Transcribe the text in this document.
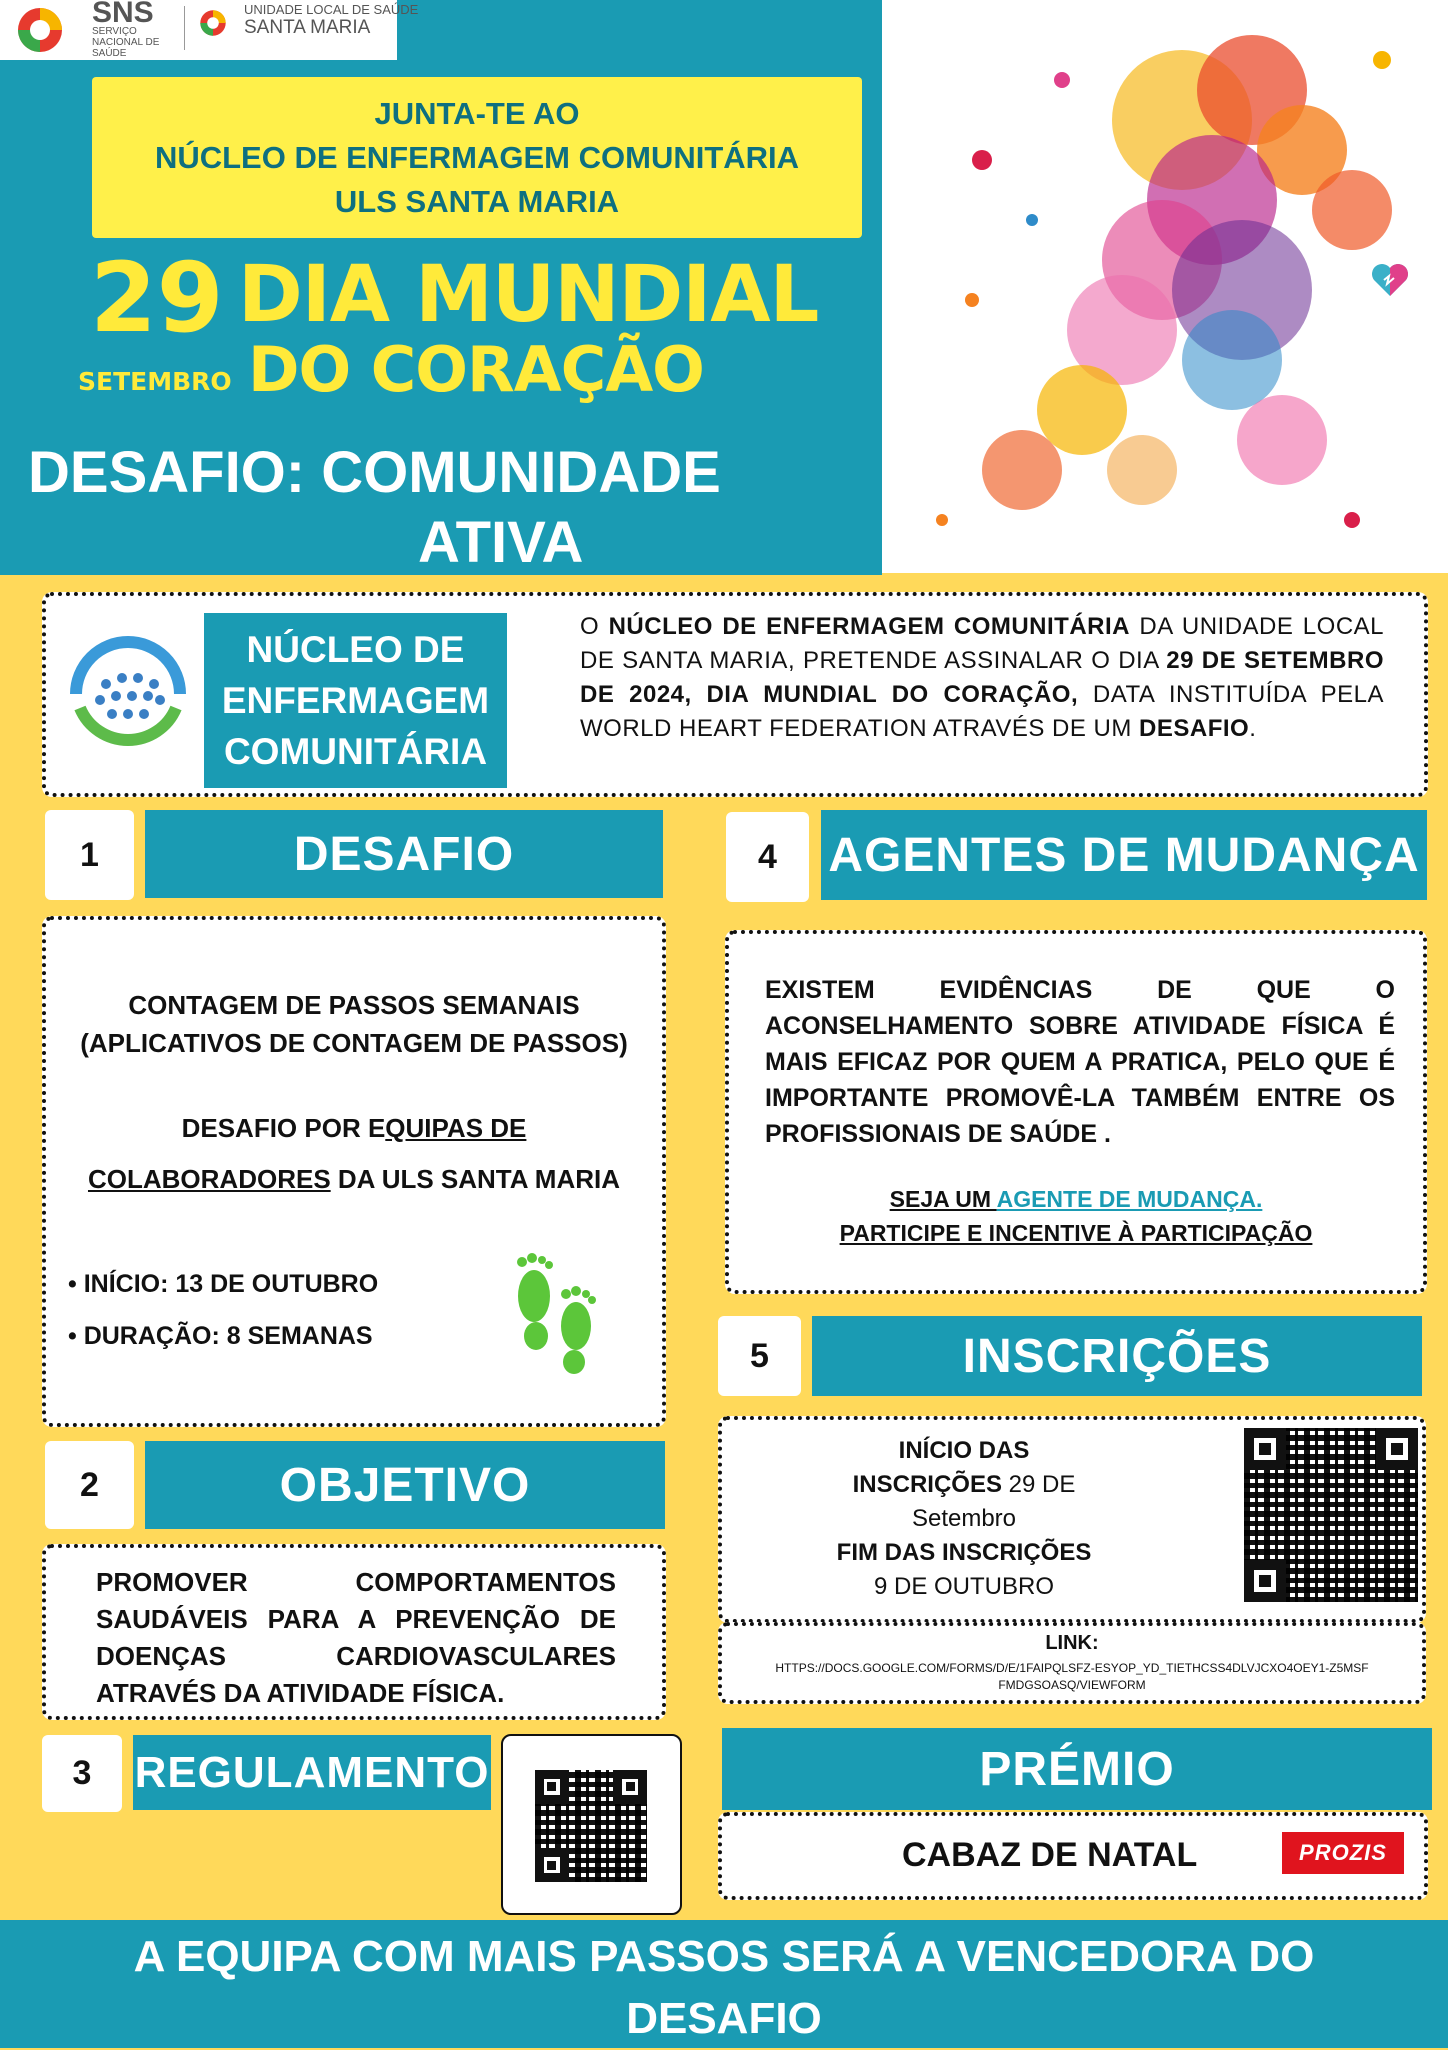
SNS
SERVIÇO NACIONAL DE SAÚDE
UNIDADE LOCAL DE SAÚDE
SANTA MARIA
JUNTA-TE AO
NÚCLEO DE ENFERMAGEM COMUNITÁRIA
ULS SANTA MARIA
29
SETEMBRO
DIA MUNDIAL
DO CORAÇÃO
DESAFIO: COMUNIDADE
ATIVA
NÚCLEO DE ENFERMAGEM COMUNITÁRIA
O NÚCLEO DE ENFERMAGEM COMUNITÁRIA DA UNIDADE LOCAL DE SANTA MARIA, PRETENDE ASSINALAR O DIA 29 DE SETEMBRO DE 2024, DIA MUNDIAL DO CORAÇÃO, DATA INSTITUÍDA PELA WORLD HEART FEDERATION ATRAVÉS DE UM DESAFIO.
1	DESAFIO
CONTAGEM DE PASSOS SEMANAIS
(APLICATIVOS DE CONTAGEM DE PASSOS)
DESAFIO POR EQUIPAS DE
COLABORADORES DA ULS SANTA MARIA
• INÍCIO: 13 DE OUTUBRO
• DURAÇÃO: 8 SEMANAS
2	OBJETIVO
PROMOVER COMPORTAMENTOS SAUDÁVEIS PARA A PREVENÇÃO DE DOENÇAS CARDIOVASCULARES ATRAVÉS DA ATIVIDADE FÍSICA.
3 REGULAMENTO
4	AGENTES DE MUDANÇA
EXISTEM EVIDÊNCIAS DE QUE O ACONSELHAMENTO SOBRE ATIVIDADE FÍSICA É MAIS EFICAZ POR QUEM A PRATICA, PELO QUE É IMPORTANTE PROMOVÊ-LA TAMBÉM ENTRE OS PROFISSIONAIS DE SAÚDE .
SEJA UM AGENTE DE MUDANÇA.
PARTICIPE E INCENTIVE À PARTICIPAÇÃO
5	INSCRIÇÕES
INÍCIO DAS
INSCRIÇÕES 29 DE
Setembro
FIM DAS INSCRIÇÕES
9 DE OUTUBRO
LINK:
HTTPS://DOCS.GOOGLE.COM/FORMS/D/E/1FAIPQLSFZ-ESYOP_YD_TIETHCSS4DLVJCXO4OEY1-Z5MSFFMDGSOASQ/VIEWFORM
PRÉMIO
CABAZ DE NATAL	PROZIS
A EQUIPA COM MAIS PASSOS SERÁ A VENCEDORA DO
DESAFIO
